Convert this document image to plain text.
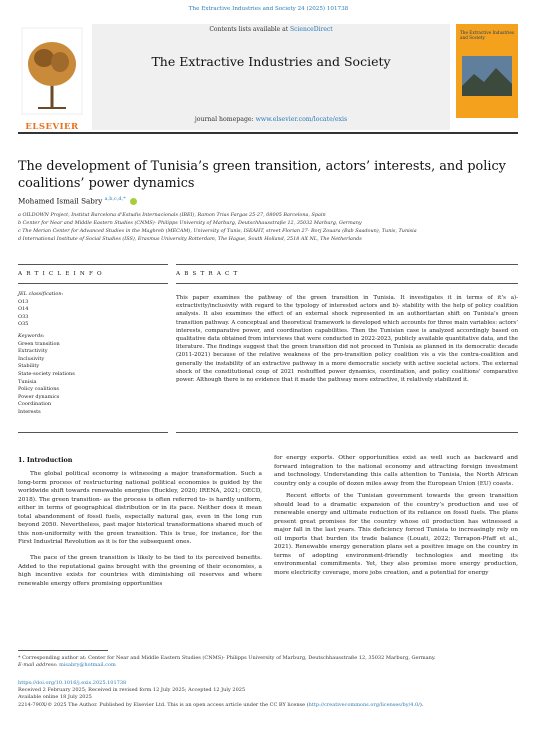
The Extractive Industries and Society 24 (2025) 101738
ELSEVIER
Contents lists available at ScienceDirect
The Extractive Industries and Society
journal homepage: www.elsevier.com/locate/exis
The Extractive Industries and Society
The development of Tunisia’s green transition, actors’ interests, and policy coalitions’ power dynamics
Mohamed Ismail Sabry $^{a,b,c,d,*}$
a OILDOWN Project, Institut Barcelona d’Estudis Internacionals (IBEI), Ramon Trias Fargas 25-27, 08005 Barcelona, Spain
b Center for Near and Middle Eastern Studies (CNMS)- Philipps University of Marburg, Deutschhausstraße 12, 35032 Marburg, Germany
c The Merian Center for Advanced Studies in the Maghreb (MECAM), University of Tunis, ISEAHT, street Florian 27- Borj Zouara (Bab Saadoun), Tunis, Tunisia
d International Institute of Social Studies (ISS), Erasmus University Rotterdam, The Hague, South Holland, 2518 AX NL, The Netherlands
A R T I C L E I N F O	A B S T R A C T
JEL classification:
O13
O14
O33
O35
Keywords:
Green transition
Extractivity
Inclusivity
Stability
State-society relations
Tunisia
Policy coalitions
Power dynamics
Coordination
Interests
This paper examines the pathway of the green transition in Tunisia. It investigates it in terms of it’s a)- extractivity/inclusivity with regard to the typology of interested actors and b)- stability with the help of policy coalition analysis. It also examines the effect of an external shock represented in an authoritarian shift on Tunisia’s green transition pathway. A conceptual and theoretical framework is developed which accounts for three main variables: actors’ interests, comparative power, and coordination capabilities. Then the Tunisian case is analyzed accordingly based on qualitative data obtained from interviews that were conducted in 2022-2023, publicly available quantitative data, and the literature. The findings suggest that the green transition did not proceed in Tunisia as planned in its democratic decade (2011-2021) because of the relative weakness of the pro-transition policy coalition vis a vis the contra-coalition and generally the instability of an extractive pathway in a more democratic society with active societal actors. The external shock of the constitutional coup of 2021 reshuffled power dynamics, coordination, and policy coalitions’ comparative power. Although there is no evidence that it made the pathway more extractive, it relatively stabilized it.
1. Introduction
The global political economy is witnessing a major transformation. Such a long-term process of restructuring national political economies is guided by the worldwide shift towards renewable energies (Buckley, 2020; IRENA, 2021; OECD, 2018). The green transition- as the process is often referred to- is hardly uniform, either in terms of geographical distribution or in its pace. Neither does it mean total abandonment of fossil fuels, especially natural gas, even in the long run beyond 2050. Nevertheless, past major historical transformations shared much of this non-uniformity with the green transition. This is true, for instance, for the First Industrial Revolution as it is for the subsequent ones.
The pace of the green transition is likely to be tied to its perceived benefits. Added to the reputational gains brought with the greening of their economies, a high incentive exists for countries with diminishing oil reserves and where renewable energy offers promising opportunities
for energy exports. Other opportunities exist as well such as backward and forward integration to the national economy and attracting foreign investment and technology. Understanding this calls attention to Tunisia, the North African country only a couple of dozen miles away from the European Union (EU) coasts.
Recent efforts of the Tunisian government towards the green transition should lead to a dramatic expansion of the country’s production and use of renewable energy and ultimate reduction of its reliance on fossil fuels. The plans present great promises for the country whose oil production has witnessed a major fall in the last years. This deficiency forced Tunisia to increasingly rely on oil imports that burden its trade balance (Louati, 2022; Terrapon-Pfaff et al., 2021). Renewable energy generation plans set a positive image on the country in terms of adopting environment-friendly technologies and meeting its environmental commitments. Yet, they also promise more energy production, more electricity coverage, more jobs creation, and a potential for energy
* Corresponding author at: Center for Near and Middle Eastern Studies (CNMS)- Philipps University of Marburg, Deutschhausstraße 12, 35032 Marburg, Germany.
E-mail address: misabry@hotmail.com
https://doi.org/10.1016/j.exis.2025.101738
Received 2 February 2025; Received in revised form 12 July 2025; Accepted 12 July 2025
Available online 18 July 2025
2214-790X/© 2025 The Author. Published by Elsevier Ltd. This is an open access article under the CC BY license (http://creativecommons.org/licenses/by/4.0/).
